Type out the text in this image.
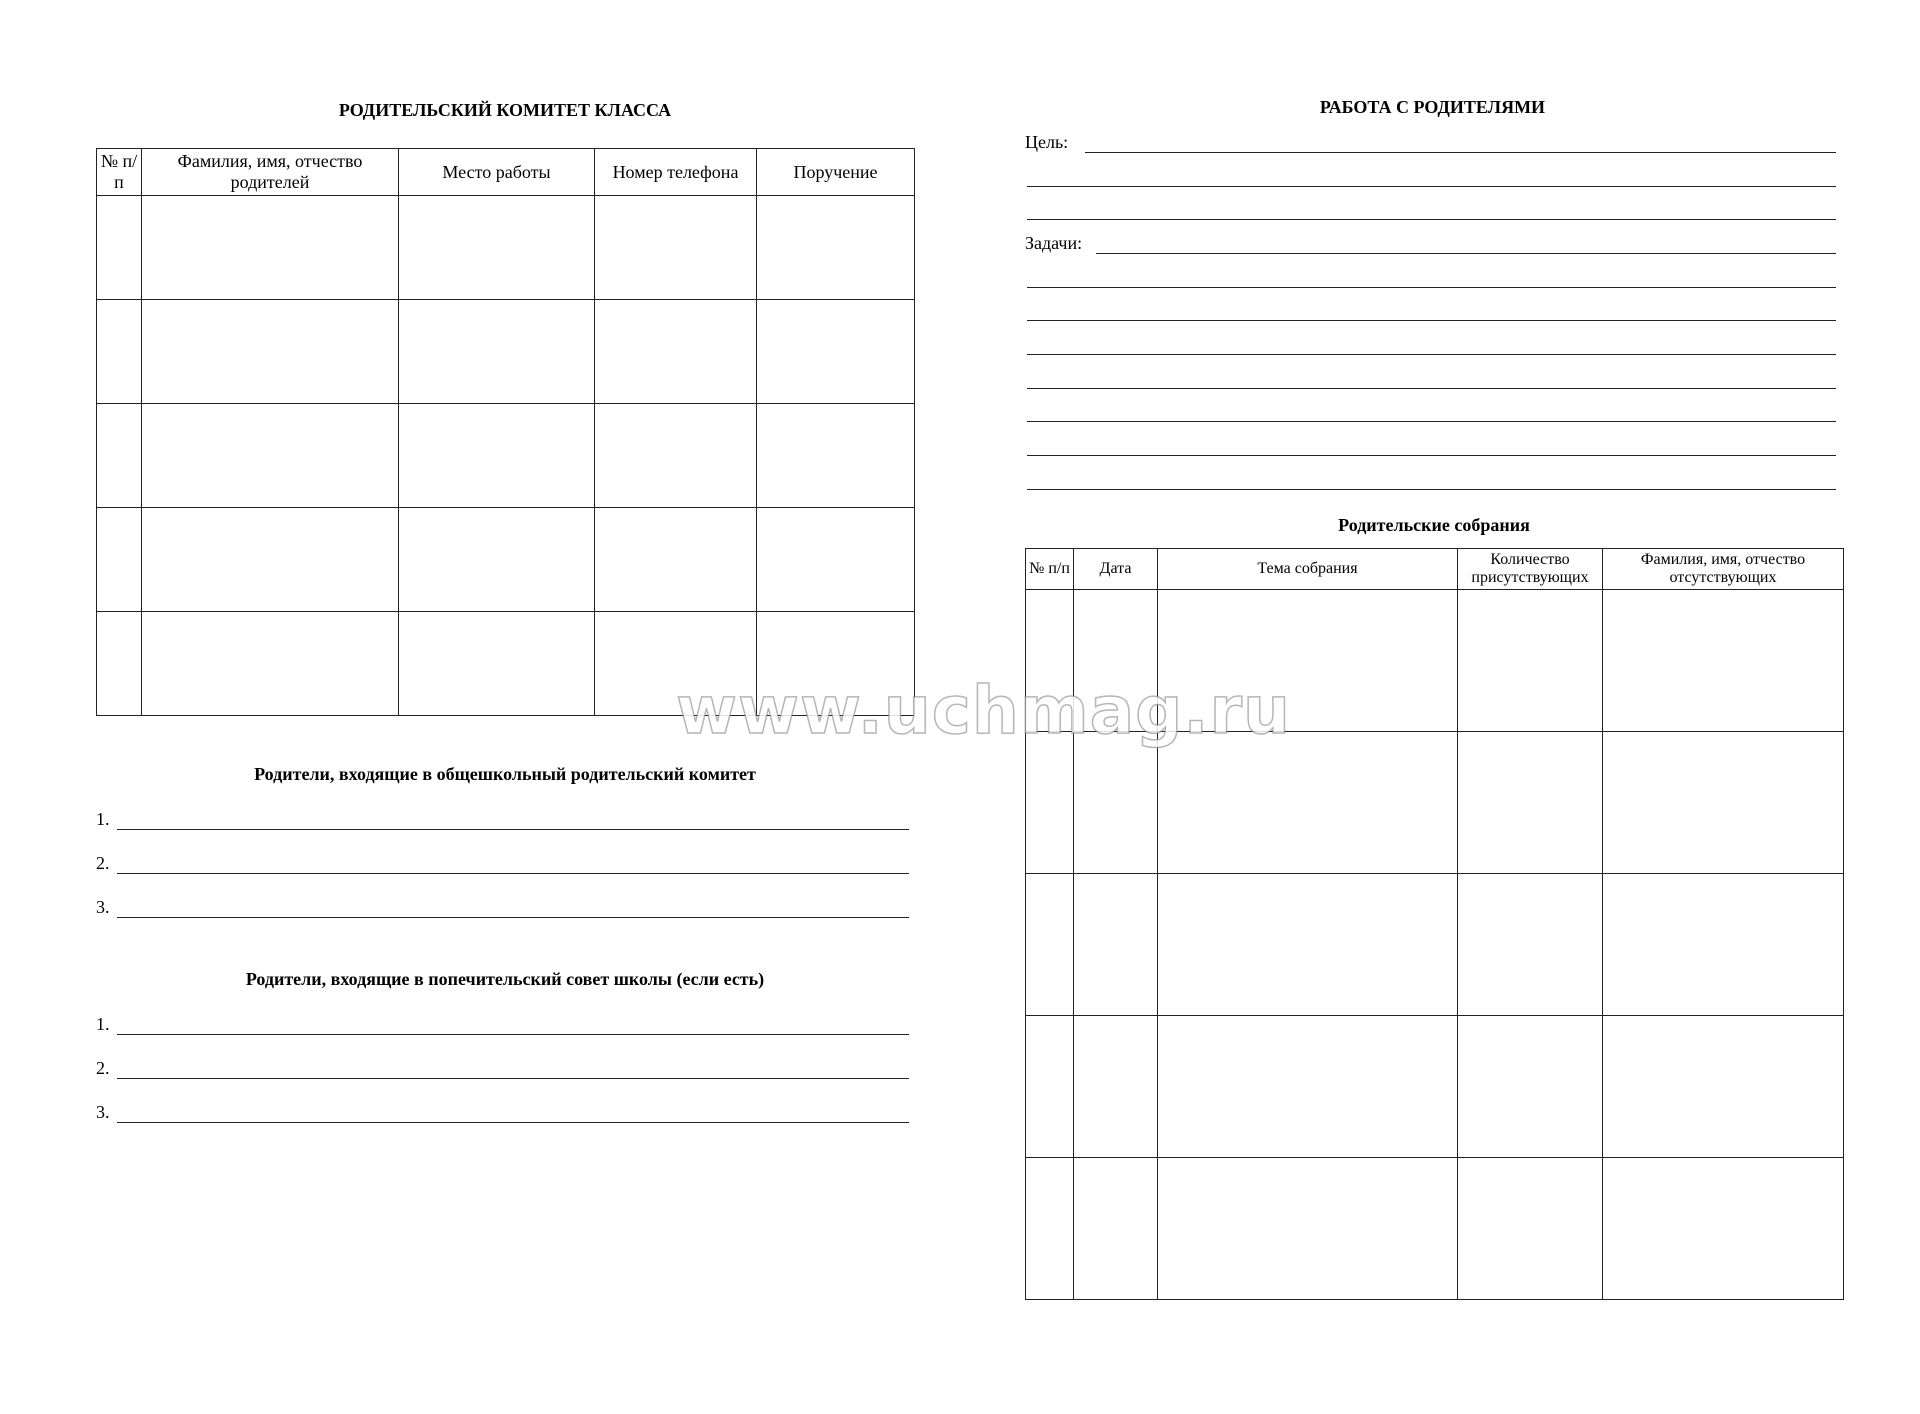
РОДИТЕЛЬСКИЙ КОМИТЕТ КЛАССА
№ п/п	Фамилия, имя, отчество родителей	Место работы	Номер телефона	Поручение

Родители, входящие в общешкольный родительский комитет
1.
2.
3.
Родители, входящие в попечительский совет школы (если есть)
1.
2.
3.
РАБОТА С РОДИТЕЛЯМИ
Цель:
Задачи:
Родительские собрания
№ п/п	Дата	Тема собрания	Количество присутствующих	Фамилия, имя, отчество отсутствующих

www.uchmag.ru
